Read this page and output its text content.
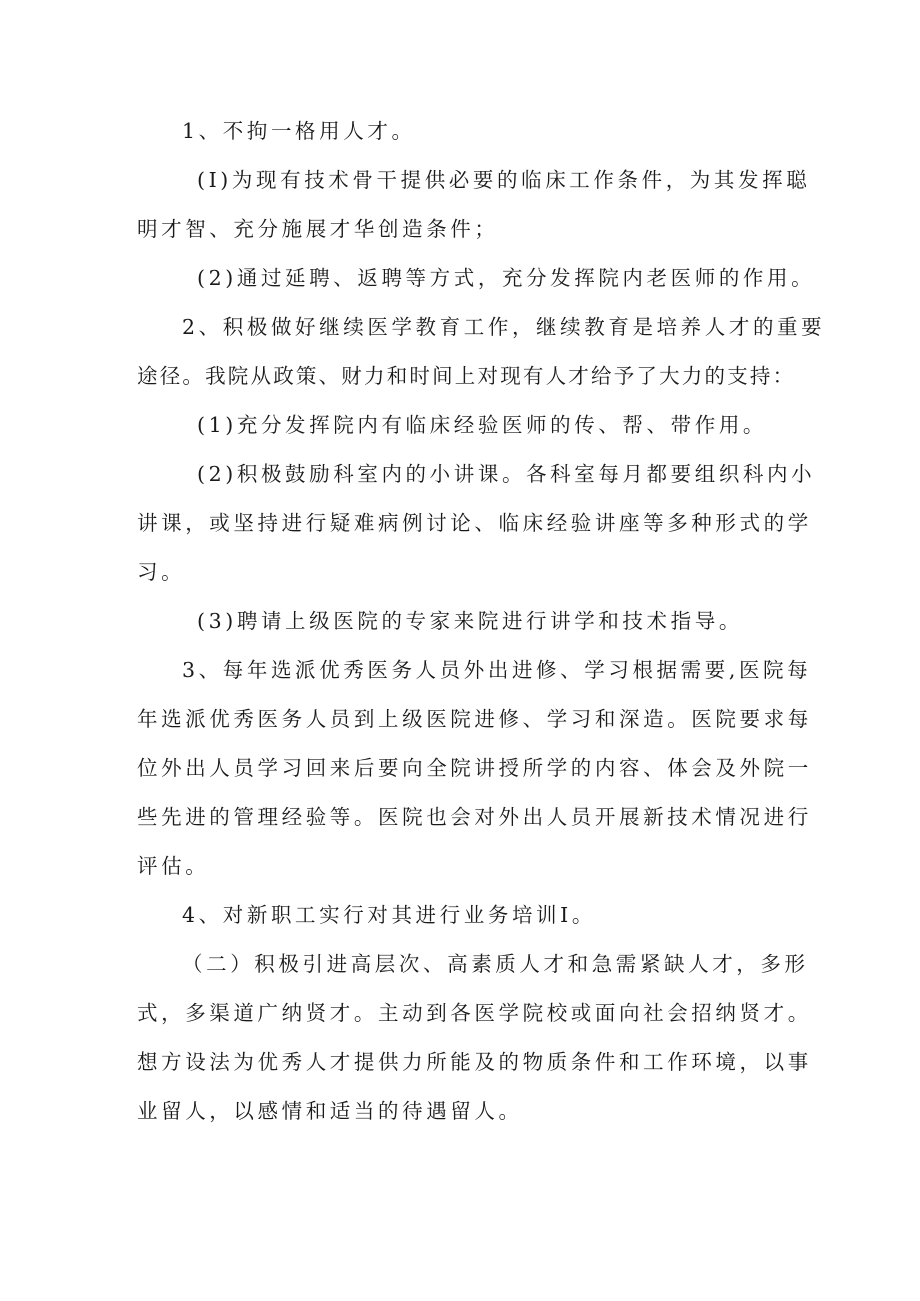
1、不拘一格用人才。
(I)为现有技术骨干提供必要的临床工作条件，为其发挥聪
明才智、充分施展才华创造条件；
(2)通过延聘、返聘等方式，充分发挥院内老医师的作用。
2、积极做好继续医学教育工作，继续教育是培养人才的重要
途径。我院从政策、财力和时间上对现有人才给予了大力的支持：
(1)充分发挥院内有临床经验医师的传、帮、带作用。
(2)积极鼓励科室内的小讲课。各科室每月都要组织科内小
讲课，或坚持进行疑难病例讨论、临床经验讲座等多种形式的学
习。
(3)聘请上级医院的专家来院进行讲学和技术指导。
3、每年选派优秀医务人员外出进修、学习根据需要,医院每
年选派优秀医务人员到上级医院进修、学习和深造。医院要求每
位外出人员学习回来后要向全院讲授所学的内容、体会及外院一
些先进的管理经验等。医院也会对外出人员开展新技术情况进行
评估。
4、对新职工实行对其进行业务培训I。
（二）积极引进高层次、高素质人才和急需紧缺人才，多形
式，多渠道广纳贤才。主动到各医学院校或面向社会招纳贤才。
想方设法为优秀人才提供力所能及的物质条件和工作环境，以事
业留人，以感情和适当的待遇留人。
